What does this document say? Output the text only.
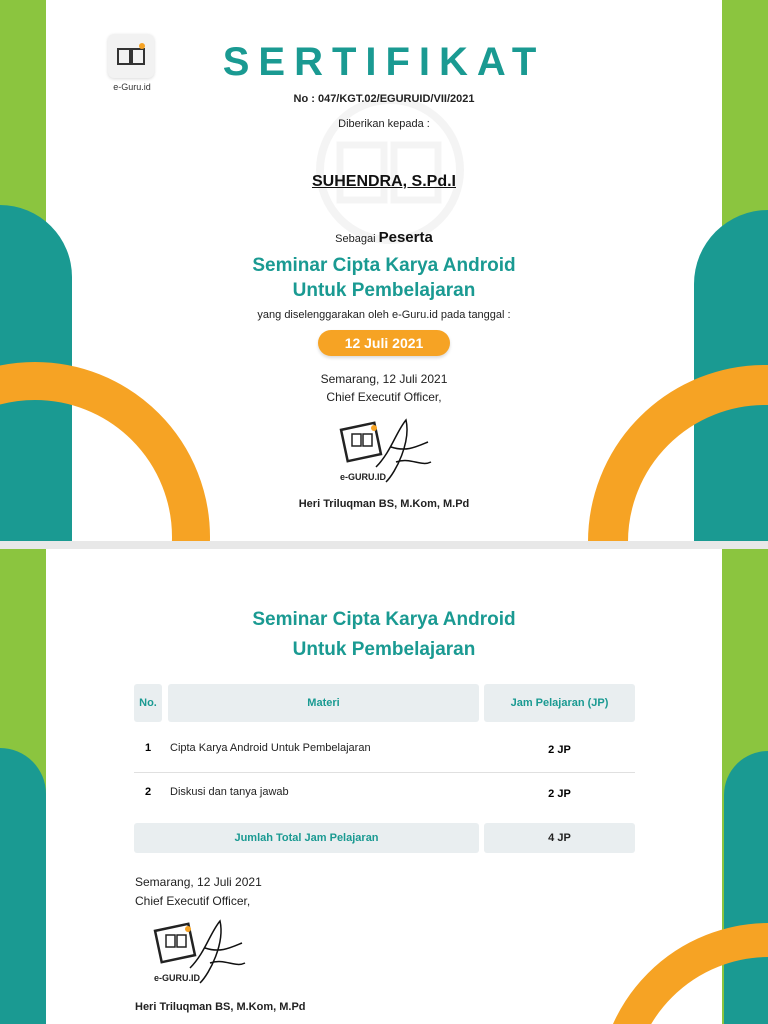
e-Guru.id
SERTIFIKAT
No : 047/KGT.02/EGURUID/VII/2021
Diberikan kepada :
SUHENDRA, S.Pd.I
Sebagai Peserta
Seminar Cipta Karya Android
Untuk Pembelajaran
yang diselenggarakan oleh e-Guru.id pada tanggal :
12 Juli 2021
Semarang, 12 Juli 2021
Chief Executif Officer,
e-GURU.ID
Heri Triluqman BS, M.Kom, M.Pd
Seminar Cipta Karya Android
Untuk Pembelajaran
No.	Materi	Jam Pelajaran (JP)
1	Cipta Karya Android Untuk Pembelajaran	2 JP
2	Diskusi dan tanya jawab	2 JP
Jumlah Total Jam Pelajaran	4 JP
Semarang, 12 Juli 2021
Chief Executif Officer,
e-GURU.ID
Heri Triluqman BS, M.Kom, M.Pd
